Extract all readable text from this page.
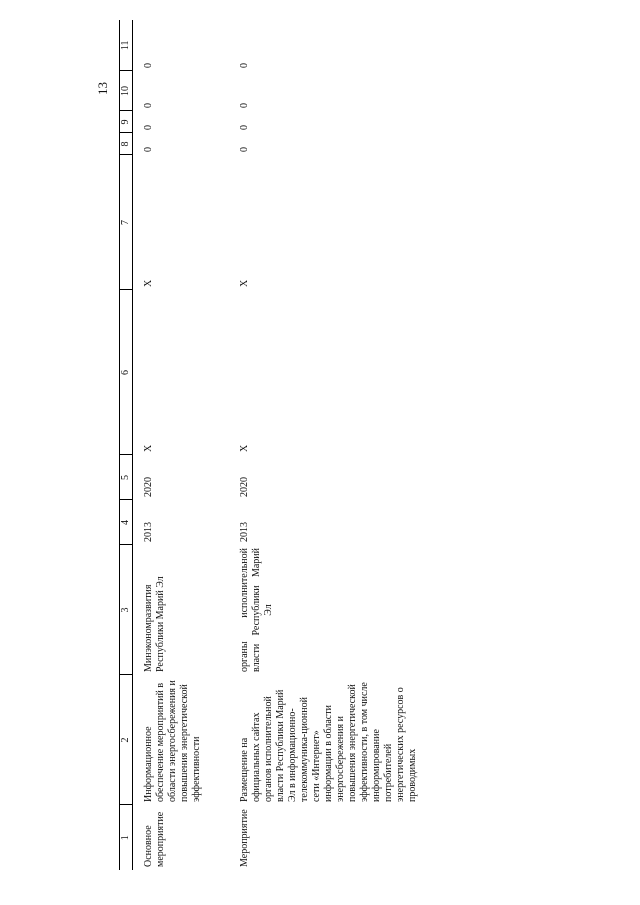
13
1	2	3	4	5	6	7	8	9	10	11
Основное мероприятие	Информационное обеспечение мероприятий в области энергосбережения и повышения энергетической эффективности	Минэкономразвития Республики Марий Эл	2013	2020	X	X	0	0	0	0

Мероприятие	Размещение на официальных сайтах органов исполнительной власти Республики Марий Эл в информационно-телекоммуника-ционной сети «Интернет» информации в области энергосбережения и повышения энергетической эффективности, в том числе информирование потребителей энергетических ресурсов о проводимых	органы исполнительной власти Республики Марий Эл	2013	2020	X	X	0	0	0	0
